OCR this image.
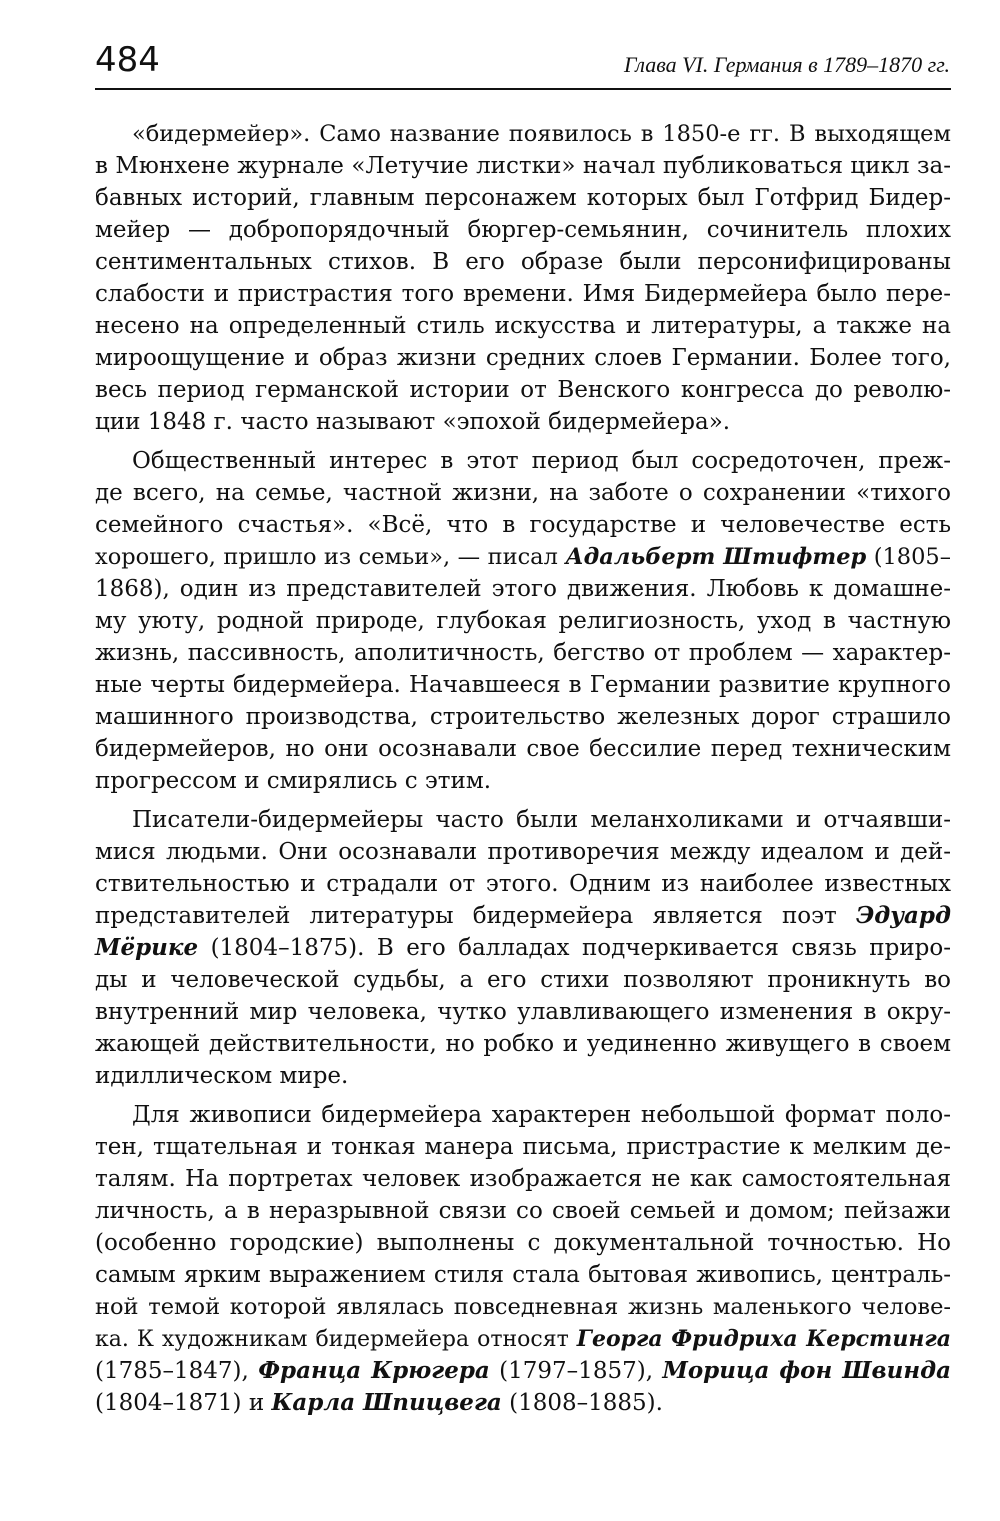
484	Глава VI. Германия в 1789–1870 гг.
«бидермейер». Само название появилось в 1850-е гг. В выходящем
в Мюнхене журнале «Летучие листки» начал публиковаться цикл за-
бавных историй, главным персонажем которых был Готфрид Бидер-
мейер — добропорядочный бюргер-семьянин, сочинитель плохих
сентиментальных стихов. В его образе были персонифицированы
слабости и пристрастия того времени. Имя Бидермейера было пере-
несено на определенный стиль искусства и литературы, а также на
мироощущение и образ жизни средних слоев Германии. Более того,
весь период германской истории от Венского конгресса до револю-
ции 1848 г. часто называют «эпохой бидермейера».
Общественный интерес в этот период был сосредоточен, преж-
де всего, на семье, частной жизни, на заботе о сохранении «тихого
семейного счастья». «Всё, что в государстве и человечестве есть
хорошего, пришло из семьи», — писал Адальберт Штифтер (1805–
1868), один из представителей этого движения. Любовь к домашне-
му уюту, родной природе, глубокая религиозность, уход в частную
жизнь, пассивность, аполитичность, бегство от проблем — характер-
ные черты бидермейера. Начавшееся в Германии развитие крупного
машинного производства, строительство железных дорог страшило
бидермейеров, но они осознавали свое бессилие перед техническим
прогрессом и смирялись с этим.
Писатели-бидермейеры часто были меланхоликами и отчаявши-
мися людьми. Они осознавали противоречия между идеалом и дей-
ствительностью и страдали от этого. Одним из наиболее известных
представителей литературы бидермейера является поэт Эдуард
Мёрике (1804–1875). В его балладах подчеркивается связь приро-
ды и человеческой судьбы, а его стихи позволяют проникнуть во
внутренний мир человека, чутко улавливающего изменения в окру-
жающей действительности, но робко и уединенно живущего в своем
идиллическом мире.
Для живописи бидермейера характерен небольшой формат поло-
тен, тщательная и тонкая манера письма, пристрастие к мелким де-
талям. На портретах человек изображается не как самостоятельная
личность, а в неразрывной связи со своей семьей и домом; пейзажи
(особенно городские) выполнены с документальной точностью. Но
самым ярким выражением стиля стала бытовая живопись, централь-
ной темой которой являлась повседневная жизнь маленького челове-
ка. К художникам бидермейера относят Георга Фридриха Керстинга
(1785–1847), Франца Крюгера (1797–1857), Морица фон Швинда
(1804–1871) и Карла Шпицвега (1808–1885).
